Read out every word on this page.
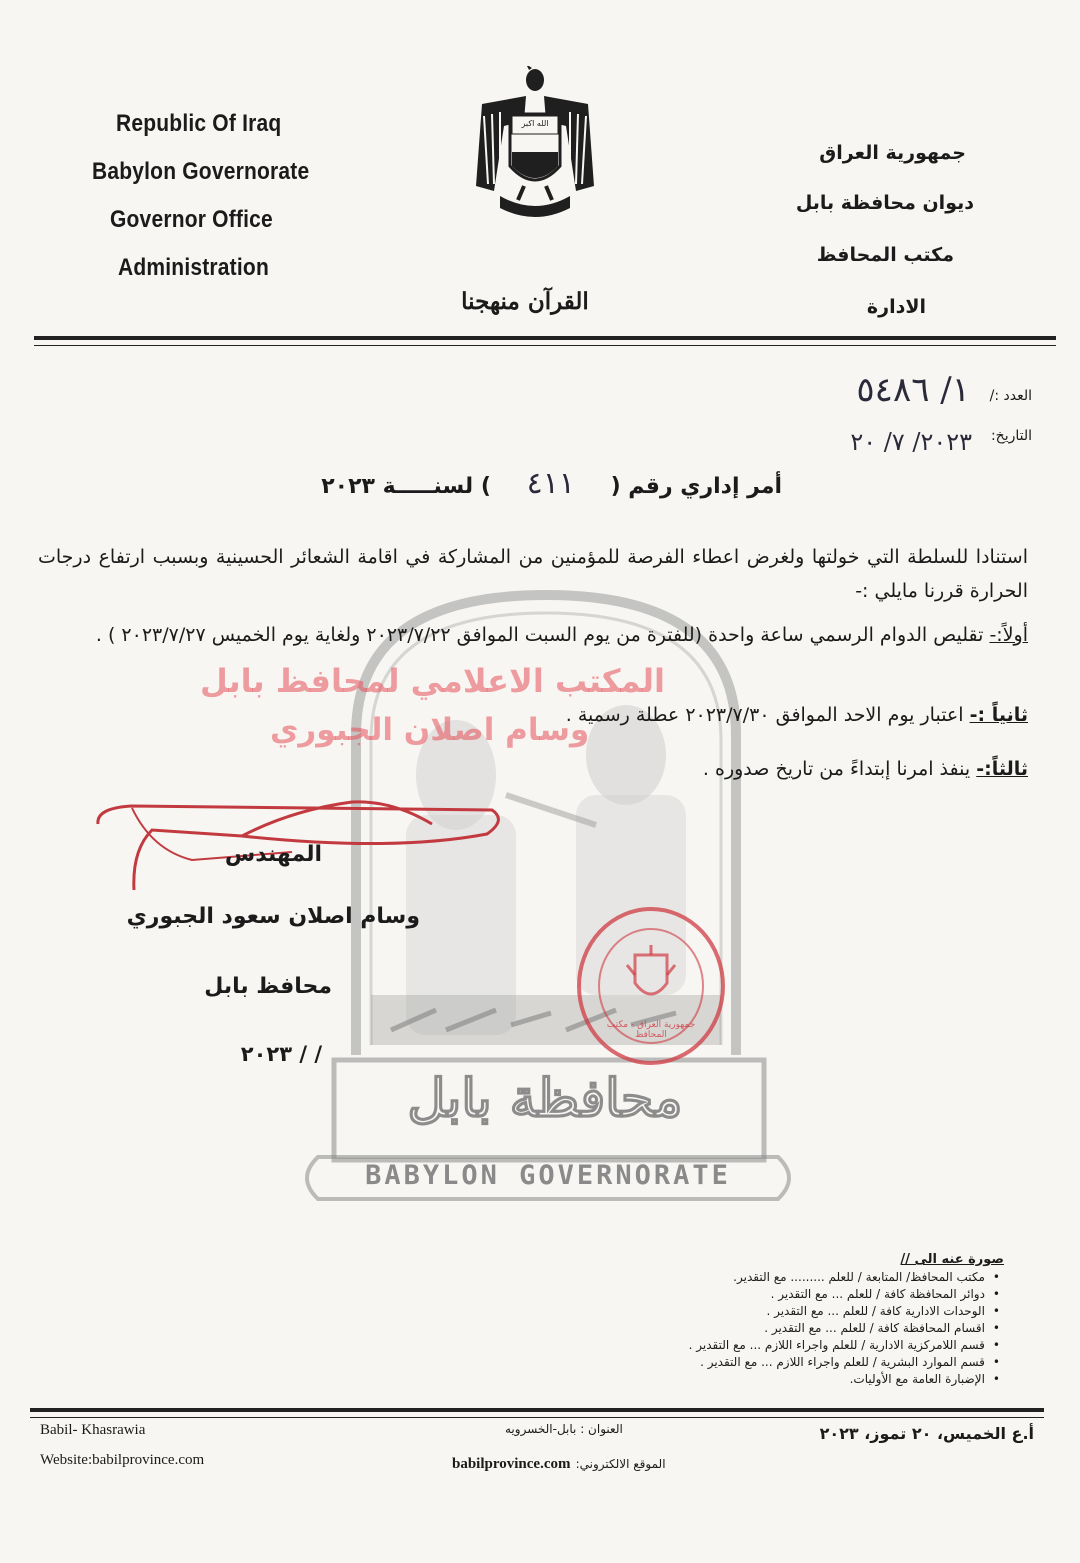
محافظة بابل
BABYLON GOVERNORATE
جمهورية العراق - مكتب المحافظ
Republic Of Iraq
Babylon Governorate
Governor Office
Administration
الله اكبر
القرآن منهجنا
جمهورية العراق
ديوان محافظة بابل
مكتب المحافظ
الادارة
العدد :/
١/ ٥٤٨٦
التاريخ:
٢٠٢٣/ ٧/ ٢٠
أمر إداري رقم ( ٤١١ ) لسنـــــة ٢٠٢٣
استنادا للسلطة التي خولتها ولغرض اعطاء الفرصة للمؤمنين من المشاركة في اقامة الشعائر الحسينية وبسبب ارتفاع درجات الحرارة قررنا مايلي :-
أولاً:- تقليص الدوام الرسمي ساعة واحدة (للفترة من يوم السبت الموافق ٢٠٢٣/٧/٢٢ ولغاية يوم الخميس ٢٠٢٣/٧/٢٧ ) .
ثانياً :- اعتبار يوم الاحد الموافق ٢٠٢٣/٧/٣٠ عطلة رسمية .
ثالثاً:- ينفذ امرنا إبتداءً من تاريخ صدوره .
المكتب الاعلامي لمحافظ بابل
وسام اصلان الجبوري
المهندس
وسام اصلان سعود الجبوري
محافظ بابل
/ / ٢٠٢٣
صورة عنه الى //
• مكتب المحافظ/ المتابعة / للعلم ......... مع التقدير.
• دوائر المحافظة كافة / للعلم ... مع التقدير .
• الوحدات الادارية كافة / للعلم ... مع التقدير .
• اقسام المحافظة كافة / للعلم ... مع التقدير .
• قسم اللامركزية الادارية / للعلم واجراء اللازم ... مع التقدير .
• قسم الموارد البشرية / للعلم واجراء اللازم ... مع التقدير .
• الإضبارة العامة مع الأوليات.
Babil- Khasrawia	العنوان : بابل-الخسرويه	أ.ع الخميس، ٢٠ تموز، ٢٠٢٣
Website:babilprovince.com	babilprovince.com الموقع الالكتروني:
